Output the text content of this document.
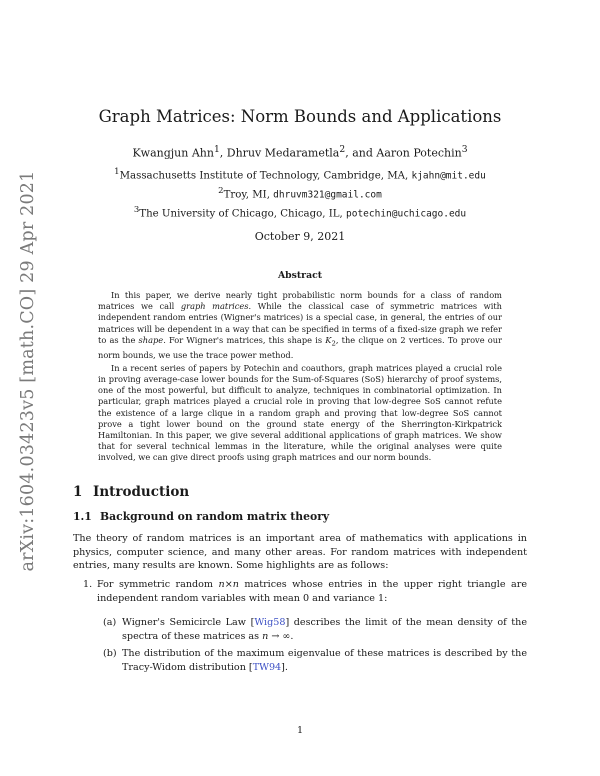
arXiv:1604.03423v5 [math.CO] 29 Apr 2021
Graph Matrices: Norm Bounds and Applications
Kwangjun Ahn$^1$, Dhruv Medarametla$^2$, and Aaron Potechin$^3$
$^1$Massachusetts Institute of Technology, Cambridge, MA, kjahn@mit.edu
$^2$Troy, MI, dhruvm321@gmail.com
$^3$The University of Chicago, Chicago, IL, potechin@uchicago.edu
October 9, 2021
Abstract

In this paper, we derive nearly tight probabilistic norm bounds for a class of random matrices we call graph matrices. While the classical case of symmetric matrices with independent random entries (Wigner's matrices) is a special case, in general, the entries of our matrices will be dependent in a way that can be specified in terms of a fixed-size graph we refer to as the shape. For Wigner's matrices, this shape is $K_2$, the clique on 2 vertices. To prove our norm bounds, we use the trace power method.

In a recent series of papers by Potechin and coauthors, graph matrices played a crucial role in proving average-case lower bounds for the Sum-of-Squares (SoS) hierarchy of proof systems, one of the most powerful, but difficult to analyze, techniques in combinatorial optimization. In particular, graph matrices played a crucial role in proving that low-degree SoS cannot refute the existence of a large clique in a random graph and proving that low-degree SoS cannot prove a tight lower bound on the ground state energy of the Sherrington-Kirkpatrick Hamiltonian. In this paper, we give several additional applications of graph matrices. We show that for several technical lemmas in the literature, while the original analyses were quite involved, we can give direct proofs using graph matrices and our norm bounds.

1 Introduction
1.1 Background on random matrix theory

The theory of random matrices is an important area of mathematics with applications in physics, computer science, and many other areas. For random matrices with independent entries, many results are known. Some highlights are as follows:

1. For symmetric random n×n matrices whose entries in the upper right triangle are independent random variables with mean 0 and variance 1:
(a) Wigner's Semicircle Law [Wig58] describes the limit of the mean density of the spectra of these matrices as n → ∞.
(b) The distribution of the maximum eigenvalue of these matrices is described by the Tracy-Widom distribution [TW94].
1
